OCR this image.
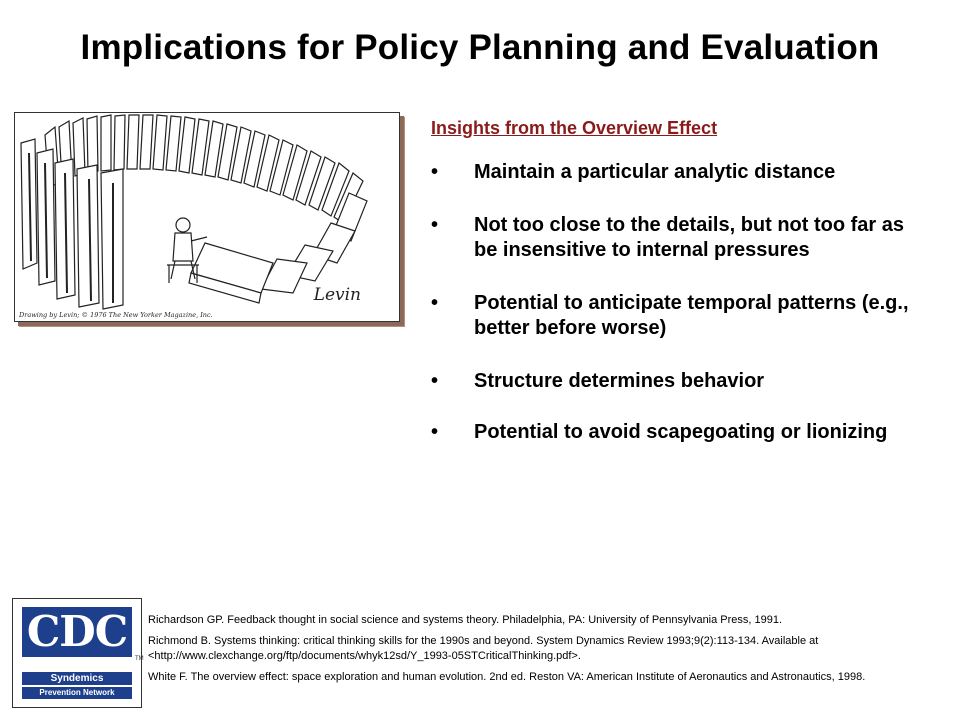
Implications for Policy Planning and Evaluation
Drawing by Levin; © 1976 The New Yorker Magazine, Inc.
Levin
Insights from the Overview Effect
• Maintain a particular analytic distance
• Not too close to the details, but not too far as be insensitive to internal pressures
• Potential to anticipate temporal patterns (e.g., better before worse)
• Structure determines behavior
• Potential to avoid scapegoating or lionizing
CDC
TM
Syndemics
Prevention Network

Richardson GP. Feedback thought in social science and systems theory. Philadelphia, PA: University of Pennsylvania Press, 1991.

Richmond B. Systems thinking: critical thinking skills for the 1990s and beyond. System Dynamics Review 1993;9(2):113-134. Available at <http://www.clexchange.org/ftp/documents/whyk12sd/Y_1993-05STCriticalThinking.pdf>.

White F. The overview effect: space exploration and human evolution. 2nd ed. Reston VA: American Institute of Aeronautics and Astronautics, 1998.
